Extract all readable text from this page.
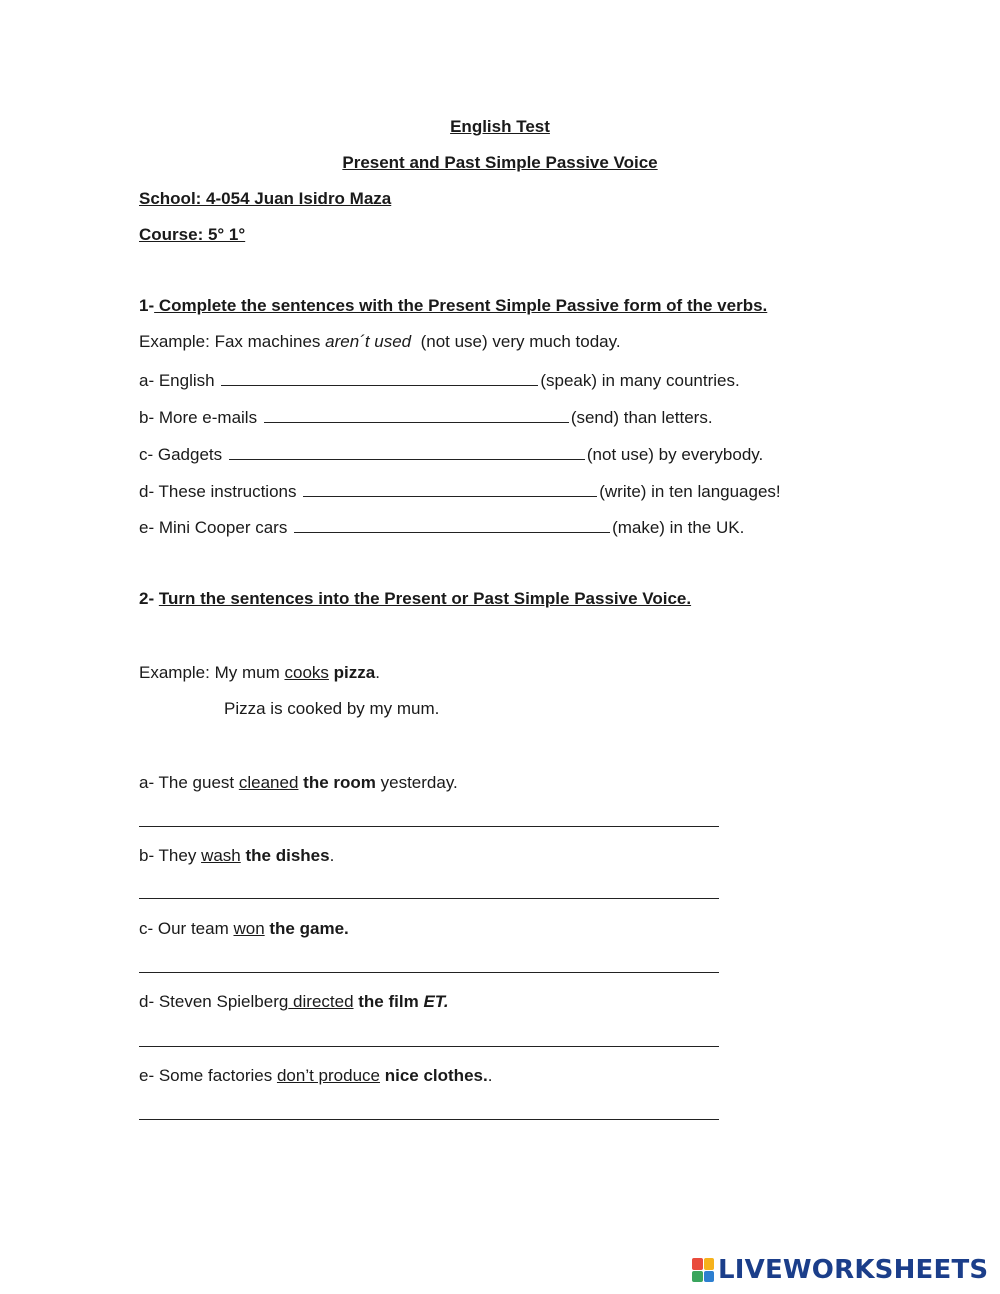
English Test
Present and Past Simple Passive Voice
School: 4-054 Juan Isidro Maza
Course: 5° 1°
1- Complete the sentences with the Present Simple Passive form of the verbs.
Example: Fax machines aren´t used  (not use) very much today.
a- English	(speak) in many countries.
b- More e-mails	(send) than letters.
c- Gadgets	(not use) by everybody.
d- These instructions	(write) in ten languages!
e- Mini Cooper cars	(make) in the UK.
2- Turn the sentences into the Present or Past Simple Passive Voice.
Example: My mum cooks pizza.
Pizza is cooked by my mum.
a- The guest cleaned the room yesterday.
b- They wash the dishes.
c- Our team won the game.
d- Steven Spielberg directed the film ET.
e- Some factories don’t produce nice clothes..
LIVEWORKSHEETS
